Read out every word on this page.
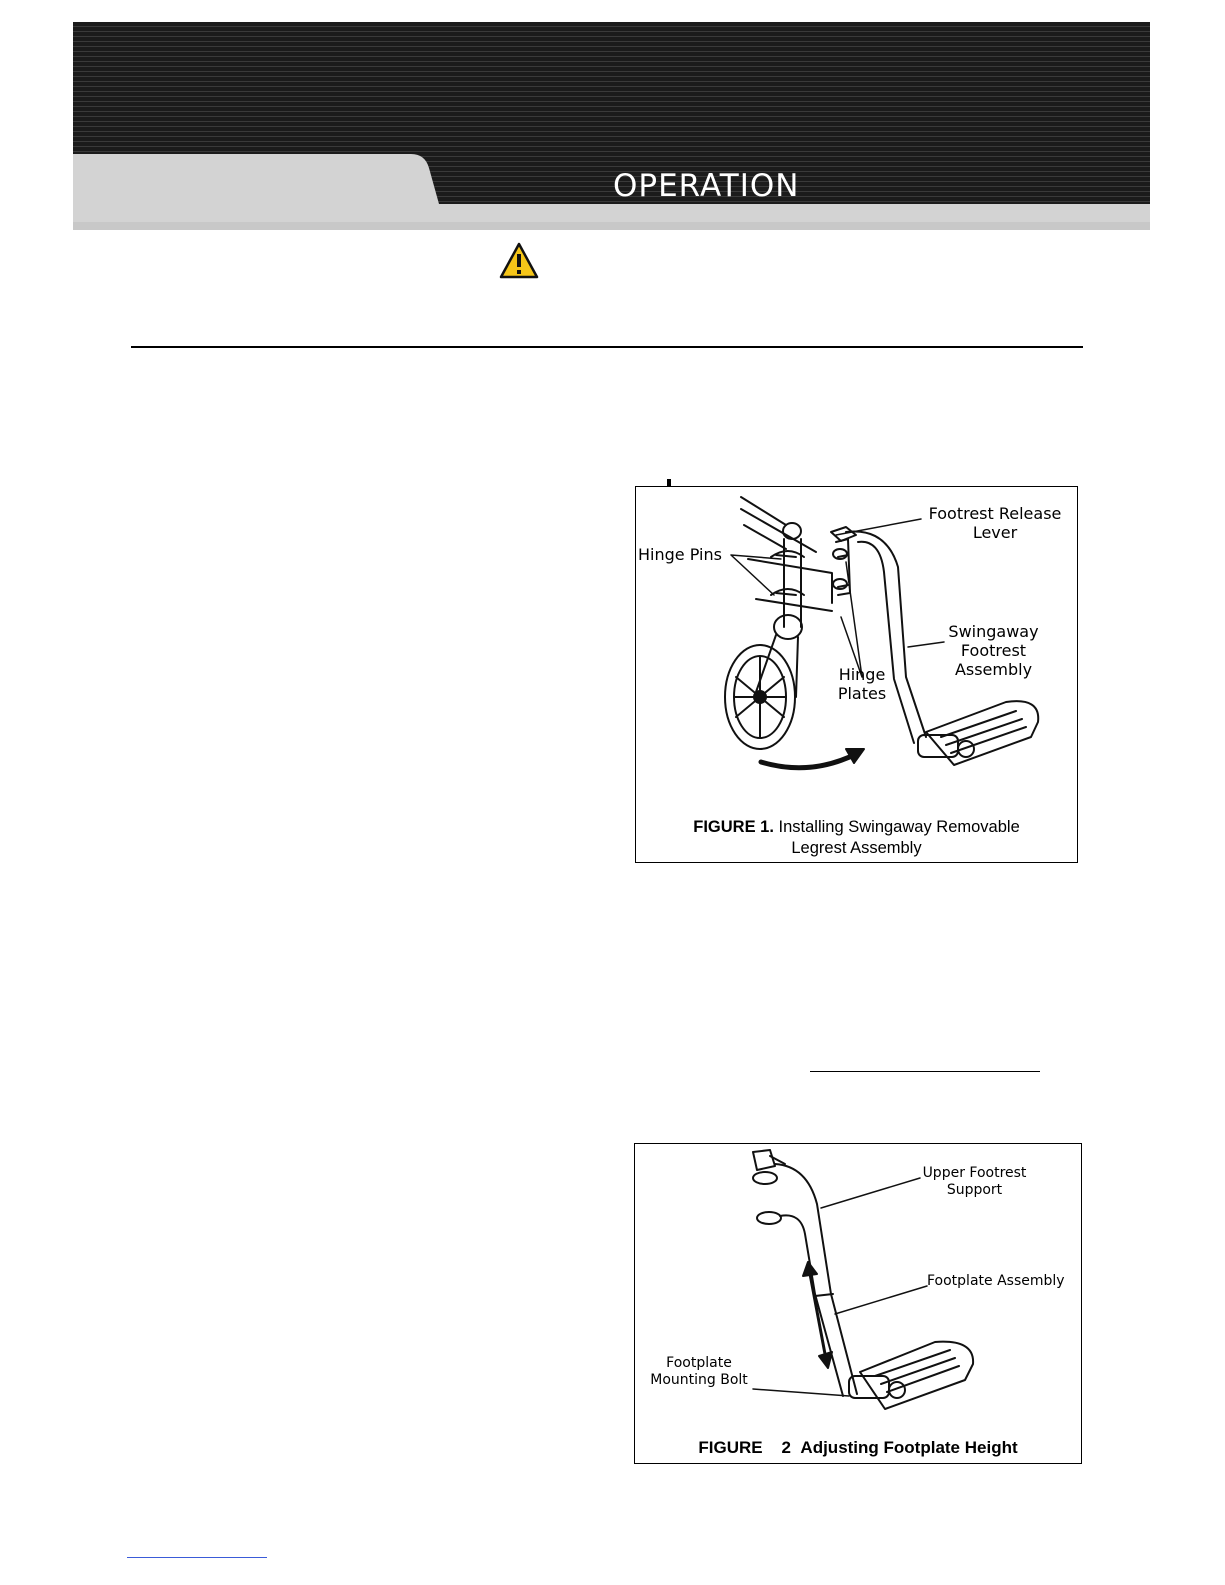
OPERATION
Hinge Pins
Footrest Release
Lever
Swingaway
Footrest
Assembly
Hinge
Plates
FIGURE 1. Installing Swingaway Removable
Legrest Assembly
Upper Footrest
Support
Footplate Assembly
Footplate
Mounting Bolt
FIGURE 2 Adjusting Footplate Height
